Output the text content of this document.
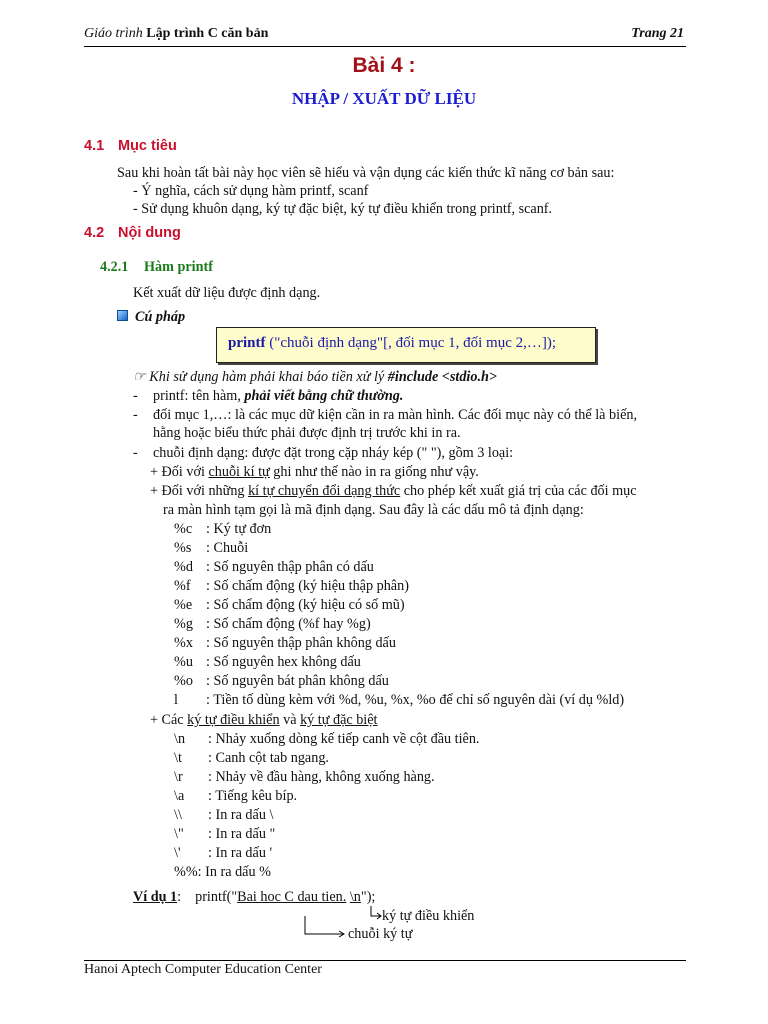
Giáo trình Lập trình C căn bản	Trang 21
Bài 4 :
NHẬP / XUẤT DỮ LIỆU
4.1 Mục tiêu
Sau khi hoàn tất bài này học viên sẽ hiểu và vận dụng các kiến thức kĩ năng cơ bản sau:
- Ý nghĩa, cách sử dụng hàm printf, scanf
- Sử dụng khuôn dạng, ký tự đặc biệt, ký tự điều khiển trong printf, scanf.
4.2 Nội dung
4.2.1 Hàm printf
Kết xuất dữ liệu được định dạng.
Cú pháp
printf ("chuỗi định dạng"[, đối mục 1, đối mục 2,…]);
☞ Khi sử dụng hàm phải khai báo tiền xử lý #include <stdio.h>
- printf: tên hàm, phải viết bằng chữ thường.
- đối mục 1,…: là các mục dữ kiện cần in ra màn hình. Các đối mục này có thể là biến,
hằng hoặc biểu thức phải được định trị trước khi in ra.
- chuỗi định dạng: được đặt trong cặp nháy kép (" "), gồm 3 loại:
+ Đối với chuỗi kí tự ghi như thế nào in ra giống như vậy.
+ Đối với những kí tự chuyển đổi dạng thức cho phép kết xuất giá trị của các đối mục
ra màn hình tạm gọi là mã định dạng. Sau đây là các dấu mô tả định dạng:
%c : Ký tự đơn
%s : Chuỗi
%d : Số nguyên thập phân có dấu
%f : Số chấm động (ký hiệu thập phân)
%e : Số chấm động (ký hiệu có số mũ)
%g : Số chấm động (%f hay %g)
%x : Số nguyên thập phân không dấu
%u : Số nguyên hex không dấu
%o : Số nguyên bát phân không dấu
l : Tiền tố dùng kèm với %d, %u, %x, %o để chỉ số nguyên dài (ví dụ %ld)
+ Các ký tự điều khiển và ký tự đặc biệt
\n : Nhảy xuống dòng kế tiếp canh về cột đầu tiên.
\t : Canh cột tab ngang.
\r : Nhảy về đầu hàng, không xuống hàng.
\a : Tiếng kêu bíp.
\\ : In ra dấu \
\" : In ra dấu "
\' : In ra dấu '
%%: In ra dấu %
Ví dụ 1: printf("Bai hoc C dau tien. \n");
ký tự điều khiển
chuỗi ký tự
Hanoi Aptech Computer Education Center
